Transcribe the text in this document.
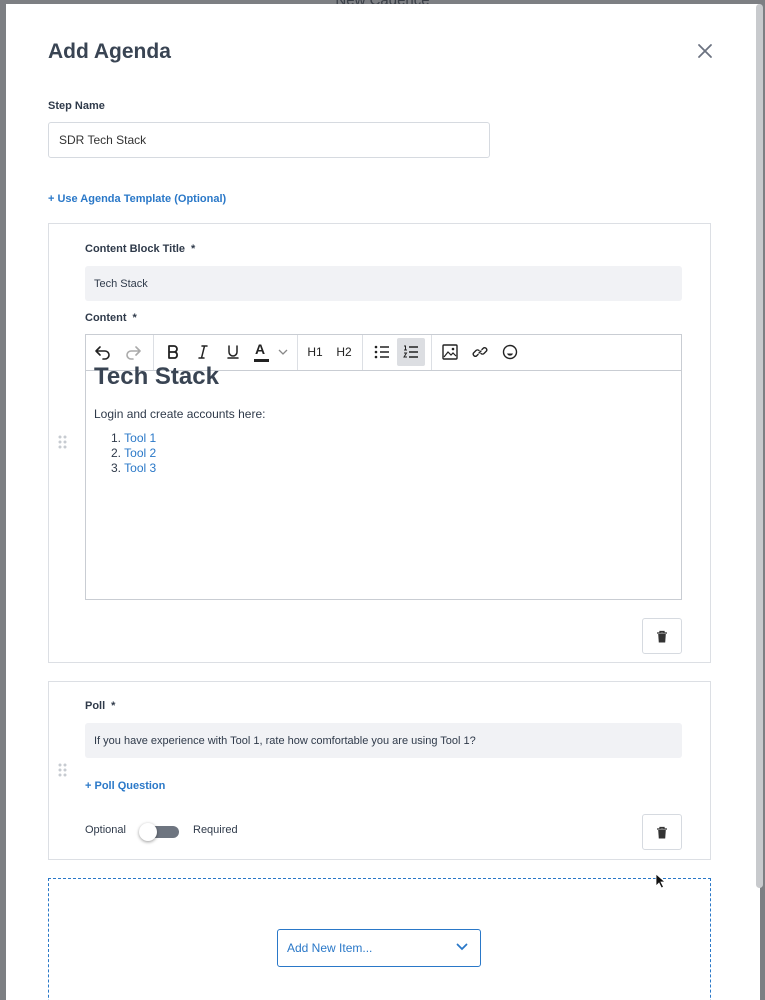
Add Agenda
Step Name
SDR Tech Stack
+ Use Agenda Template (Optional)
Content Block Title *
Tech Stack
Content *
A	H1	H2
Tech Stack
Login and create accounts here:
1. Tool 1
2. Tool 2
3. Tool 3
Poll *
If you have experience with Tool 1, rate how comfortable you are using Tool 1?
+ Poll Question
Optional	Required
Add New Item...
